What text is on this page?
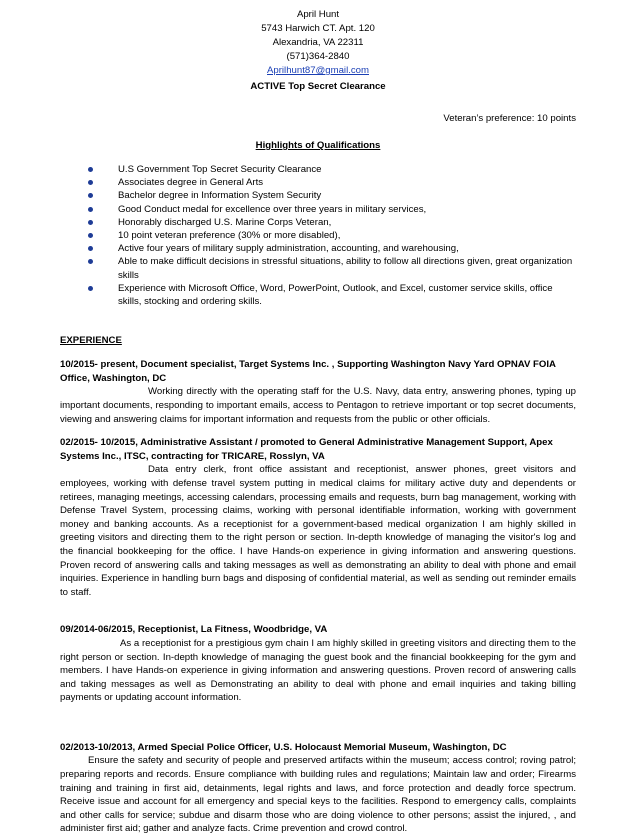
April Hunt
5743 Harwich CT. Apt. 120
Alexandria, VA 22311
(571)364-2840
Aprilhunt87@gmail.com
ACTIVE Top Secret Clearance
Veteran’s preference: 10 points
Highlights of Qualifications
U.S Government Top Secret Security Clearance
Associates degree in General Arts
Bachelor degree in Information System Security
Good Conduct medal for excellence over three years in military services,
Honorably discharged U.S. Marine Corps Veteran,
10 point veteran preference (30% or more disabled),
Active four years of military supply administration, accounting, and warehousing,
Able to make difficult decisions in stressful situations, ability to follow all directions given, great organization skills
Experience with Microsoft Office, Word, PowerPoint, Outlook, and Excel, customer service skills, office skills, stocking and ordering skills.
EXPERIENCE
10/2015- present, Document specialist, Target Systems Inc. , Supporting Washington Navy Yard OPNAV FOIA Office, Washington, DC
Working directly with the operating staff for the U.S. Navy, data entry, answering phones, typing up important documents, responding to important emails, access to Pentagon to retrieve important or top secret documents, viewing and answering claims for important information and requests from the public or other officials.
02/2015- 10/2015, Administrative Assistant / promoted to General Administrative Management Support, Apex Systems Inc., ITSC, contracting for TRICARE, Rosslyn, VA
Data entry clerk, front office assistant and receptionist, answer phones, greet visitors and employees, working with defense travel system putting in medical claims for military active duty and dependents or retirees, managing meetings, accessing calendars, processing emails and requests, burn bag management, working with Defense Travel System, processing claims, working with personal identifiable information, working with government money and banking accounts. As a receptionist for a government-based medical organization I am highly skilled in greeting visitors and directing them to the right person or section. In-depth knowledge of managing the visitor's log and the financial bookkeeping for the office. I have Hands-on experience in giving information and answering questions. Proven record of answering calls and taking messages as well as demonstrating an ability to deal with phone and email inquiries. Experience in handling burn bags and disposing of confidential material, as well as sending out reminder emails to staff.
09/2014-06/2015, Receptionist, La Fitness, Woodbridge, VA
As a receptionist for a prestigious gym chain I am highly skilled in greeting visitors and directing them to the right person or section. In-depth knowledge of managing the guest book and the financial bookkeeping for the gym and members. I have Hands-on experience in giving information and answering questions. Proven record of answering calls and taking messages as well as Demonstrating an ability to deal with phone and email inquiries and taking billing payments or updating account information.
02/2013-10/2013, Armed Special Police Officer, U.S. Holocaust Memorial Museum, Washington, DC
Ensure the safety and security of people and preserved artifacts within the museum; access control; roving patrol; preparing reports and records. Ensure compliance with building rules and regulations; Maintain law and order; Firearms training and training in first aid, detainments, legal rights and laws, and force protection and deadly force spectrum. Receive issue and account for all emergency and special keys to the facilities. Respond to emergency calls, complaints and other calls for service; subdue and disarm those who are doing violence to other persons; assist the injured, , and administer first aid; gather and analyze facts. Crime prevention and crowd control.
